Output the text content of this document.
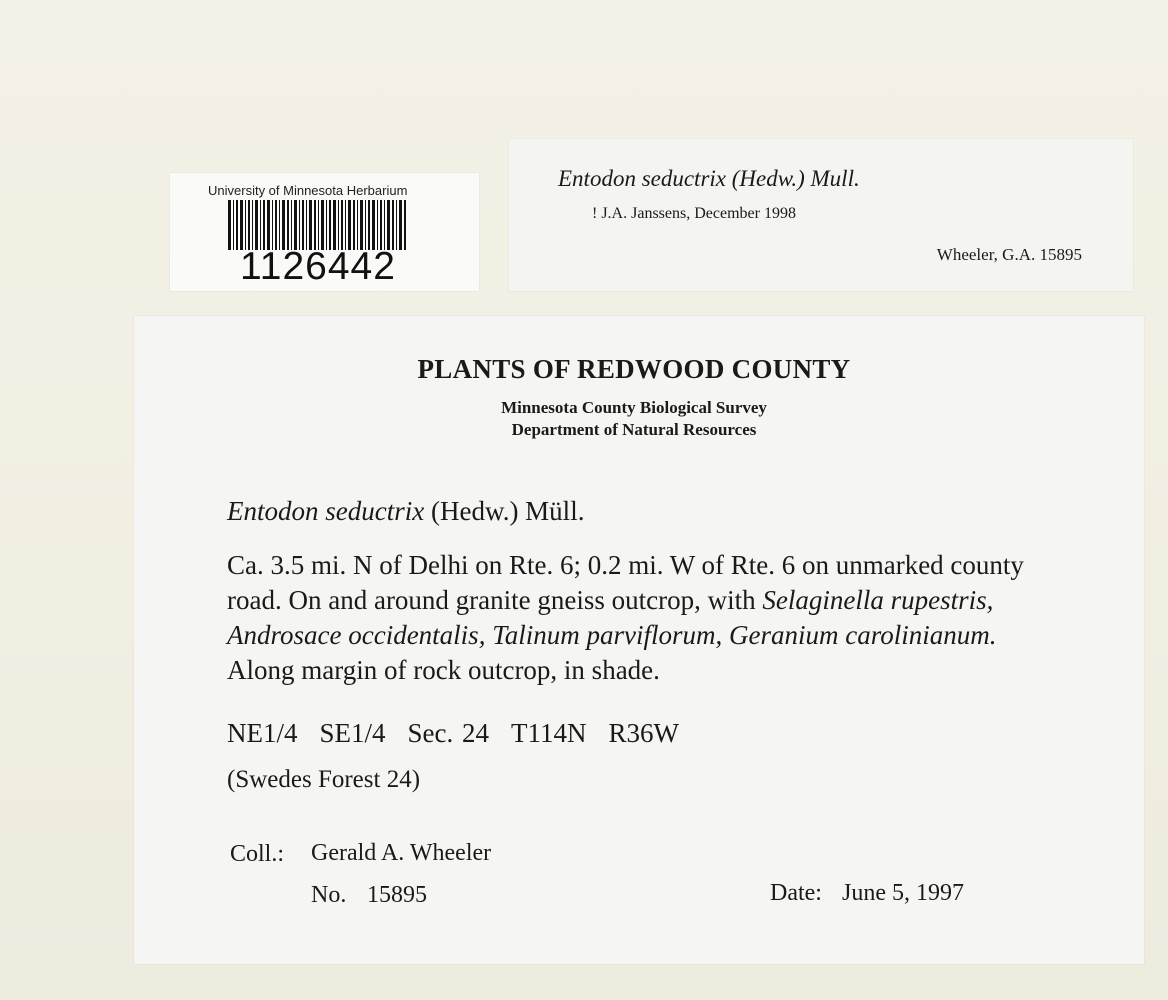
University of Minnesota Herbarium
1126442
Entodon seductrix (Hedw.) Mull.
! J.A. Janssens, December 1998
Wheeler, G.A. 15895
PLANTS OF REDWOOD COUNTY
Minnesota County Biological Survey
Department of Natural Resources
Entodon seductrix (Hedw.) Müll.
Ca. 3.5 mi. N of Delhi on Rte. 6; 0.2 mi. W of Rte. 6 on unmarked county road. On and around granite gneiss outcrop, with Selaginella rupestris, Androsace occidentalis, Talinum parviflorum, Geranium carolinianum. Along margin of rock outcrop, in shade.
NE1/4 SE1/4 Sec. 24 T114N R36W
(Swedes Forest 24)
Coll.: Gerald A. Wheeler
No. 15895	Date: June 5, 1997
